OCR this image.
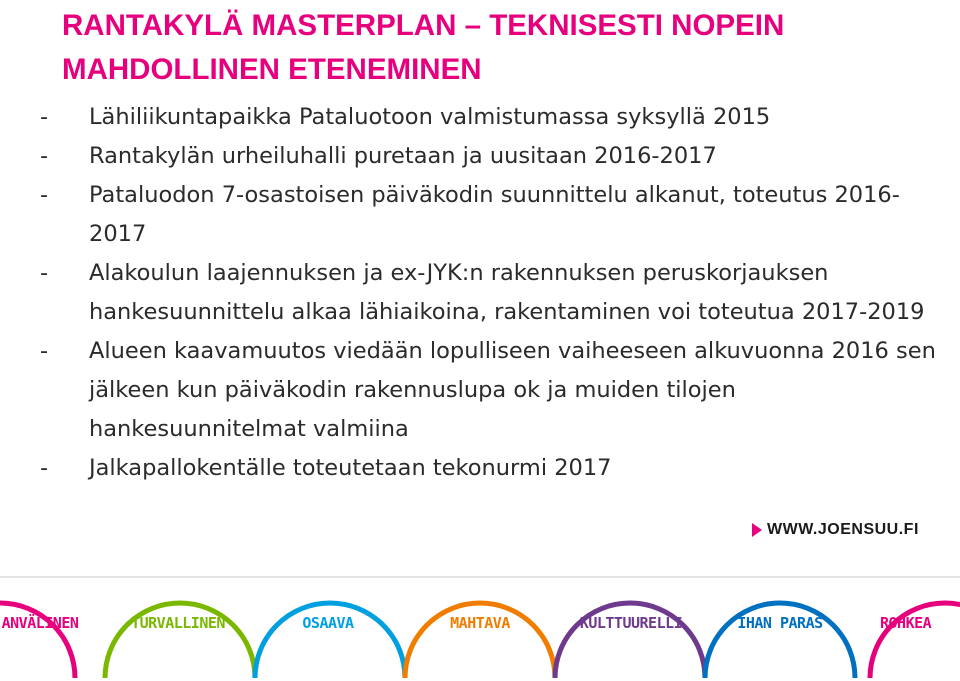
RANTAKYLÄ MASTERPLAN – TEKNISESTI NOPEIN MAHDOLLINEN ETENEMINEN
- Lähiliikuntapaikka Pataluotoon valmistumassa syksyllä 2015
- Rantakylän urheiluhalli puretaan ja uusitaan 2016-2017
- Pataluodon 7-osastoisen päiväkodin suunnittelu alkanut, toteutus 2016-2017
- Alakoulun laajennuksen ja ex-JYK:n rakennuksen peruskorjauksen hankesuunnittelu alkaa lähiaikoina, rakentaminen voi toteutua 2017-2019
- Alueen kaavamuutos viedään lopulliseen vaiheeseen alkuvuonna 2016 sen jälkeen kun päiväkodin rakennuslupa ok ja muiden tilojen hankesuunnitelmat valmiina
- Jalkapallokentälle toteutetaan tekonurmi 2017
WWW.JOENSUU.FI
ANVÄLINEN	TURVALLINEN	OSAAVA	MAHTAVA	KULTTUURELLI	IHAN PARAS	ROHKEA
